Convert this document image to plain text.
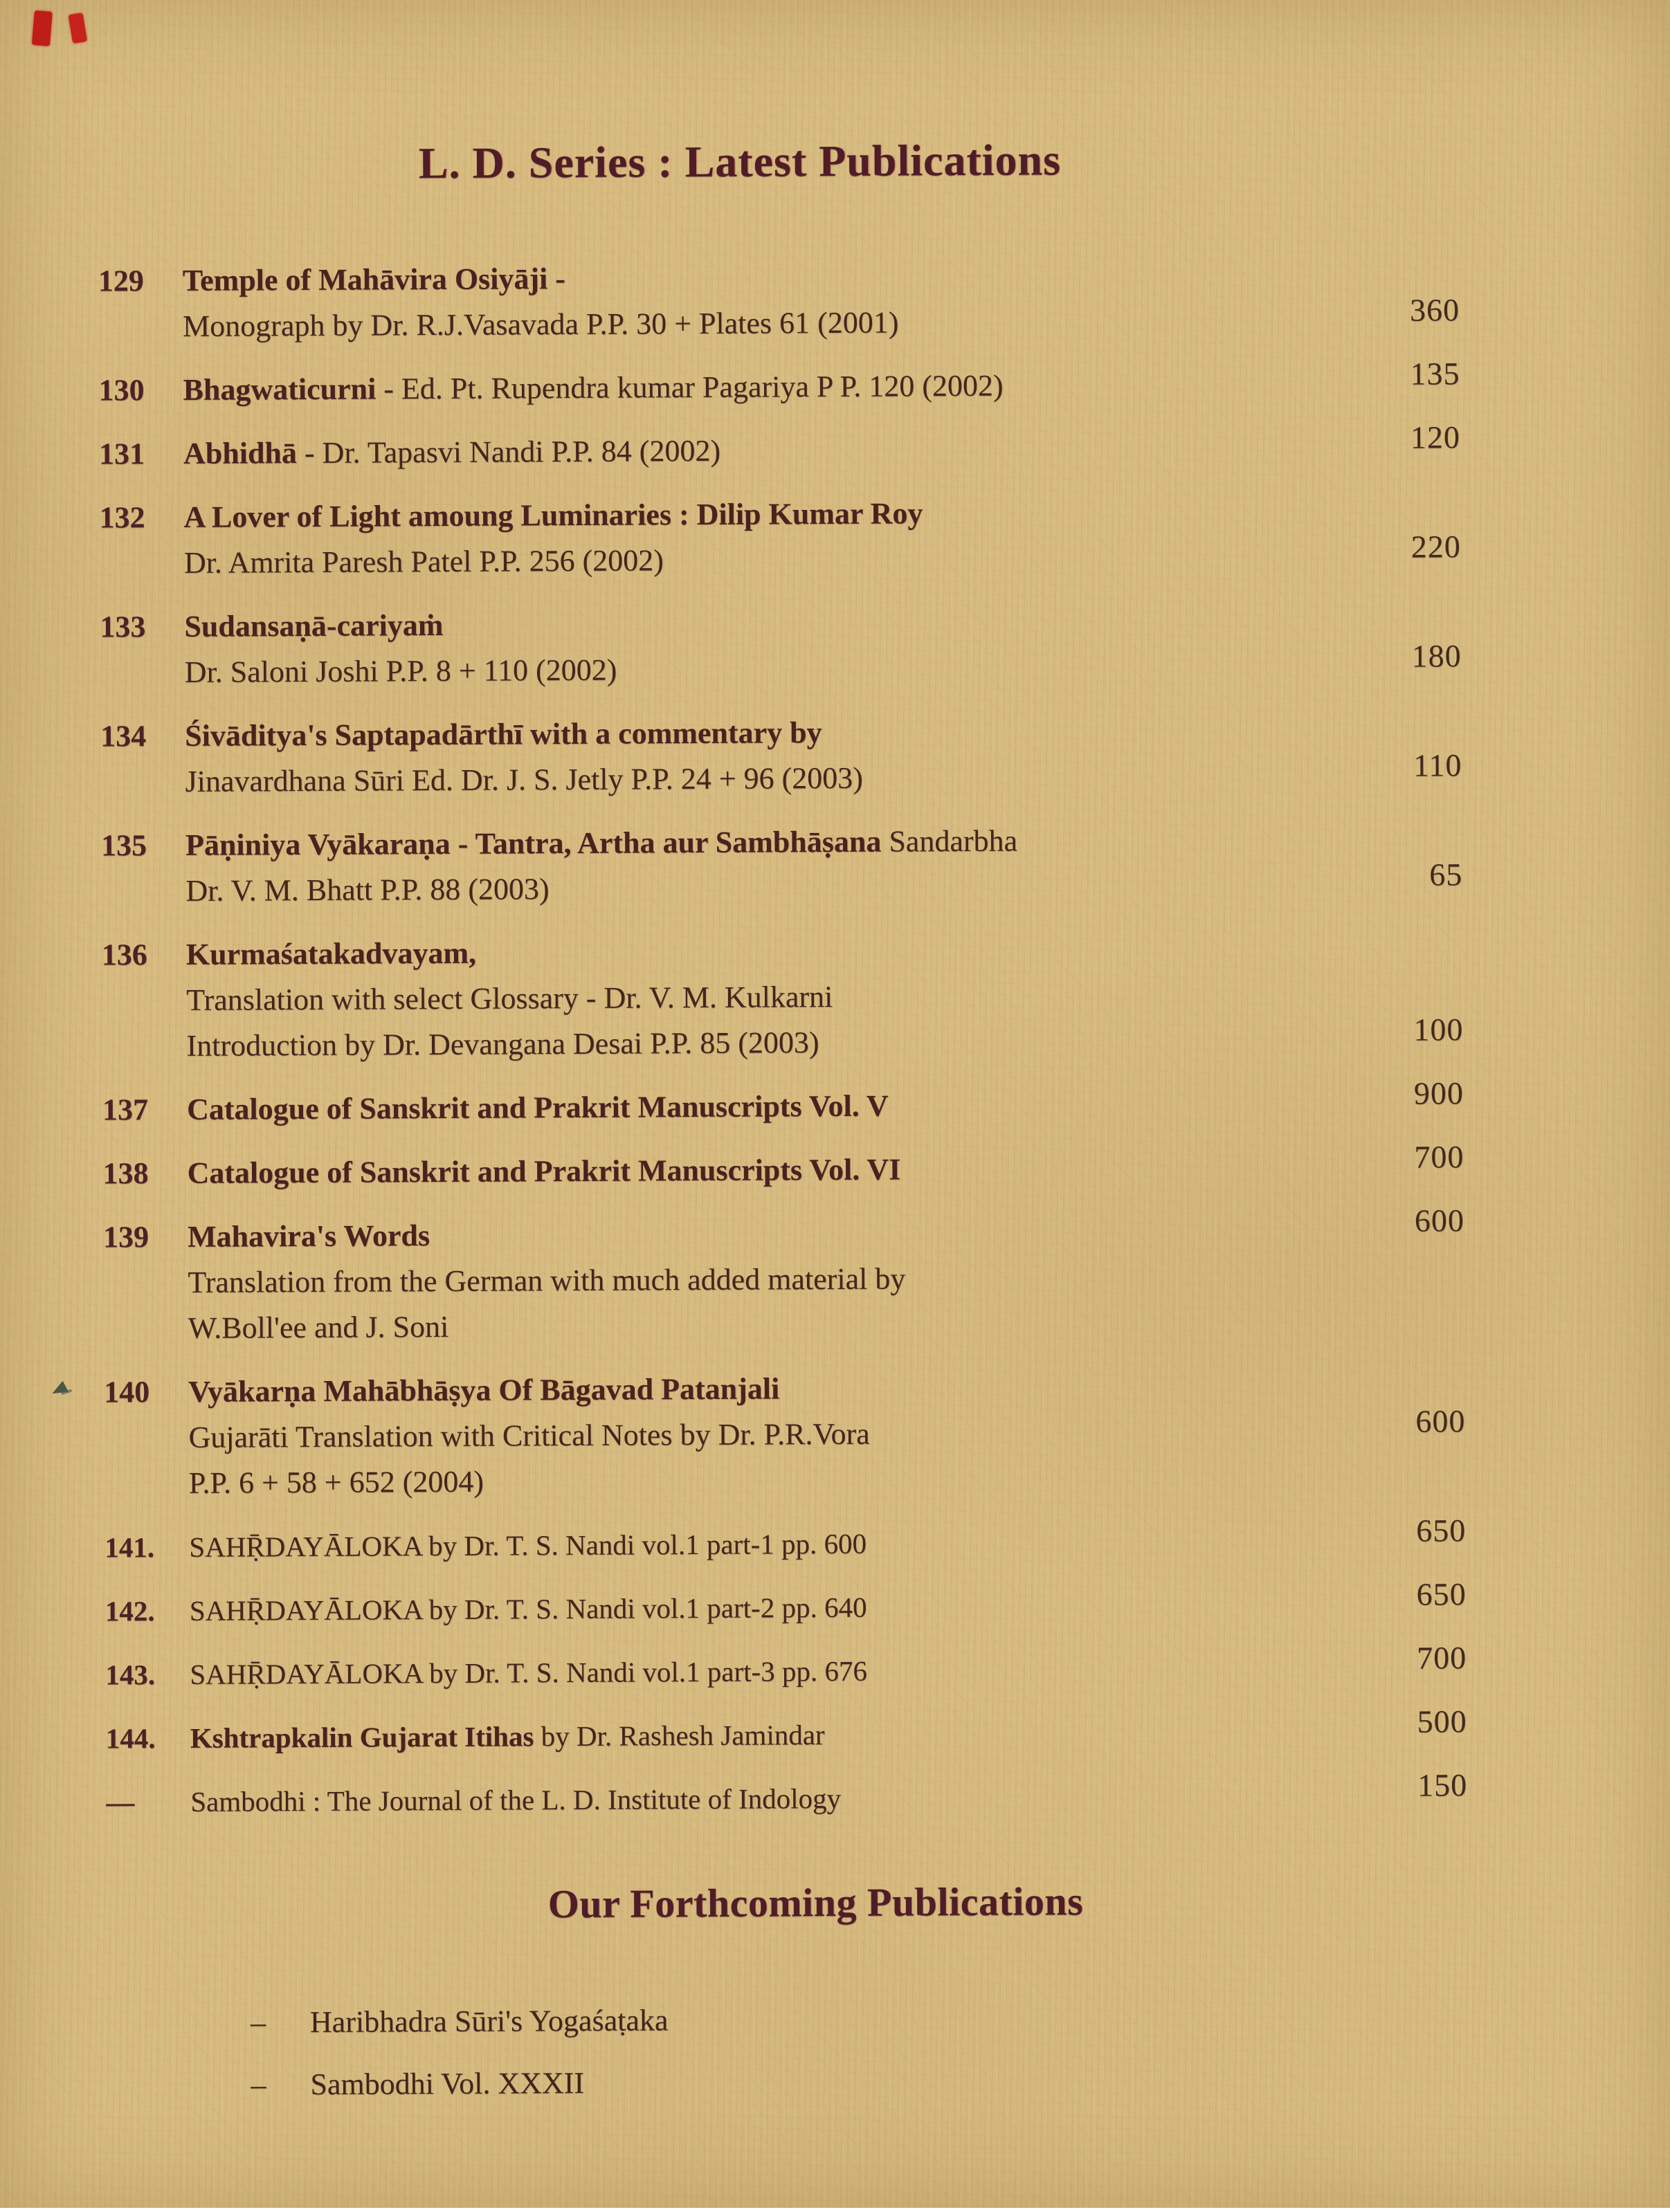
L. D. Series : Latest Publications
129	Temple of Mahāvira Osiyāji -
Monograph by Dr. R.J.Vasavada P.P. 30 + Plates 61 (2001)	360
130	Bhagwaticurni - Ed. Pt. Rupendra kumar Pagariya P P. 120 (2002)	135
131	Abhidhā - Dr. Tapasvi Nandi P.P. 84 (2002)	120
132	A Lover of Light amoung Luminaries : Dilip Kumar Roy
Dr. Amrita Paresh Patel P.P. 256 (2002)	220
133	Sudansaṇā-cariyaṁ
Dr. Saloni Joshi P.P. 8 + 110 (2002)	180
134	Śivāditya's Saptapadārthī with a commentary by
Jinavardhana Sūri Ed. Dr. J. S. Jetly P.P. 24 + 96 (2003)	110
135	Pāṇiniya Vyākaraṇa - Tantra, Artha aur Sambhāṣana Sandarbha
Dr. V. M. Bhatt P.P. 88 (2003)	65
136	Kurmaśatakadvayam,
Translation with select Glossary - Dr. V. M. Kulkarni
Introduction by Dr. Devangana Desai P.P. 85 (2003)	100
137	Catalogue of Sanskrit and Prakrit Manuscripts Vol. V	900
138	Catalogue of Sanskrit and Prakrit Manuscripts Vol. VI	700
139	Mahavira's Words
Translation from the German with much added material by
W.Boll'ee and J. Soni
600
140	Vyākarṇa Mahābhāṣya Of Bāgavad Patanjali
Gujarāti Translation with Critical Notes by Dr. P.R.Vora
P.P. 6 + 58 + 652 (2004)
600
141.	SAHṜDAYĀLOKA by Dr. T. S. Nandi vol.1 part-1 pp. 600	650
142.	SAHṜDAYĀLOKA by Dr. T. S. Nandi vol.1 part-2 pp. 640	650
143.	SAHṜDAYĀLOKA by Dr. T. S. Nandi vol.1 part-3 pp. 676	700
144.	Kshtrapkalin Gujarat Itihas by Dr. Rashesh Jamindar	500
—	Sambodhi : The Journal of the L. D. Institute of Indology	150
Our Forthcoming Publications
–	Haribhadra Sūri's Yogaśaṭaka
–	Sambodhi Vol. XXXII
